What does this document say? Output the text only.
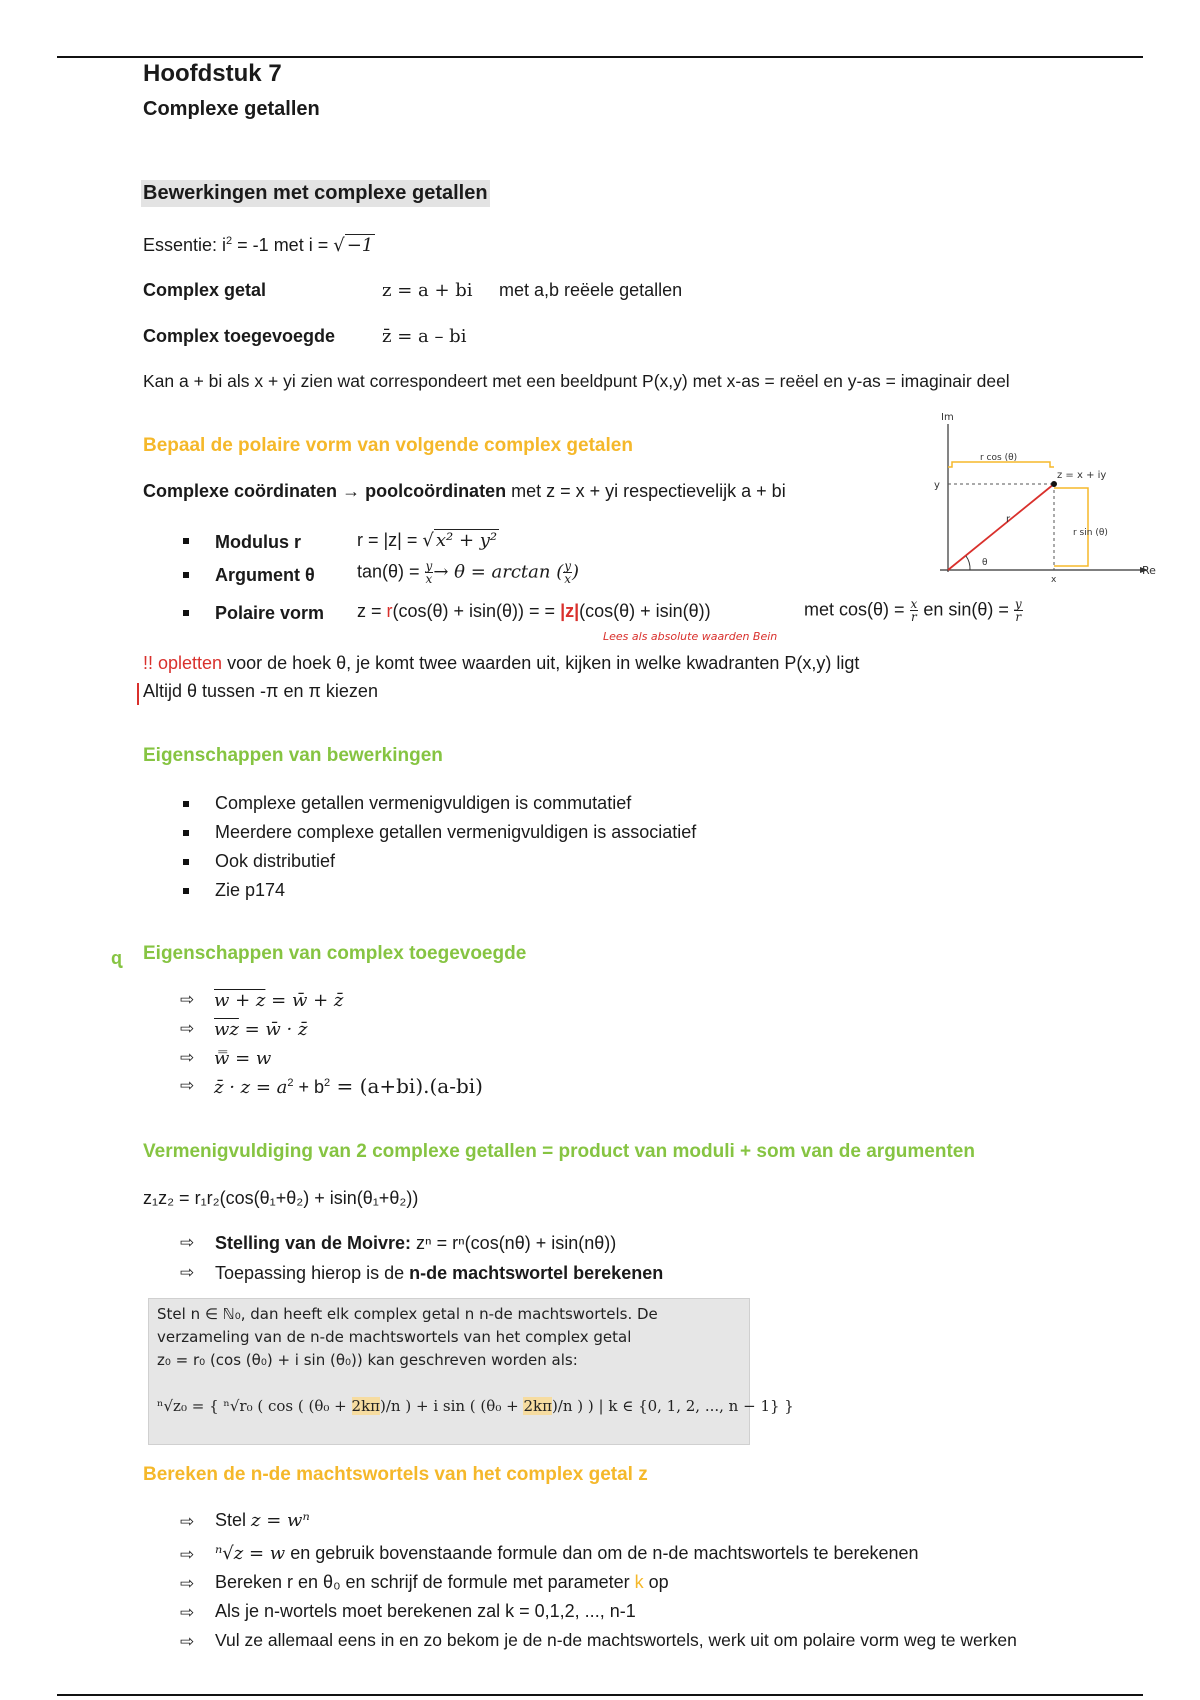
Hoofdstuk 7
Complexe getallen
Bewerkingen met complexe getallen
Essentie: $i^2 = -1$ met i = √ −1
Complex getal	z = a + bi met a,b reëele getallen
Complex toegevoegde	z̄ = a – bi
Kan a + bi als x + yi zien wat correspondeert met een beeldpunt P(x,y) met x-as = reëel en y-as = imaginair deel
Bepaal de polaire vorm van volgende complex getalen
Complexe coördinaten → poolcoördinaten met z = x + yi respectievelijk a + bi
Modulus r	r = |z| = √ x² + y²
Argument θ $\tan(\theta) = \frac{y}{x} \to \theta = \arctan$ ( $\frac{y}{x}$ )
Polaire vorm z = r(cos(θ) + isin(θ)) = = |z|(cos(θ) + isin(θ))	met $\cos(\theta) = \frac{x}{r}$ en $\sin(\theta) = \frac{y}{r}$
Lees als absolute waarden Bein
!! opletten voor de hoek θ, je komt twee waarden uit, kijken in welke kwadranten P(x,y) ligt
Altijd θ tussen -π en π kiezen
Im
Re
θ
r cos (θ)
r sin (θ)
z = x + iy
r
y
x
Eigenschappen van bewerkingen
Complexe getallen vermenigvuldigen is commutatief
Meerdere complexe getallen vermenigvuldigen is associatief
Ook distributief
Zie p174
ɋ Eigenschappen van complex toegevoegde
⇨ w + z = w̄ + z̄
⇨ $\overline{wz}$ = w̄ · z̄
⇨ w̿ = w
⇨ z̄ · $z = a^2 + b^2 = (a+bi).(a-bi)$
Vermenigvuldiging van 2 complexe getallen = product van moduli + som van de argumenten
z₁z₂ = r₁r₂(cos(θ₁+θ₂) + isin(θ₁+θ₂))
⇨ Stelling van de Moivre: zⁿ = rⁿ(cos(nθ) + isin(nθ))
⇨ Toepassing hierop is de n-de machtswortel berekenen
Stel n ∈ ℕ₀, dan heeft elk complex getal n n-de machtswortels. De
verzameling van de n-de machtswortels van het complex getal
z₀ = r₀ (cos (θ₀) + i sin (θ₀)) kan geschreven worden als:
ⁿ√z₀ = { ⁿ√r₀ ( cos ( (θ₀ + 2kπ)/n ) + i sin ( (θ₀ + 2kπ)/n ) ) | k ∈ {0, 1, 2, ..., n − 1} }
Bereken de n-de machtswortels van het complex getal z
⇨ Stel z = wⁿ
⇨ ⁿ√z = w en gebruik bovenstaande formule dan om de n-de machtswortels te berekenen
⇨ Bereken r en θ₀ en schrijf de formule met parameter k op
⇨ Als je n-wortels moet berekenen zal k = 0,1,2, ..., n-1
⇨ Vul ze allemaal eens in en zo bekom je de n-de machtswortels, werk uit om polaire vorm weg te werken
